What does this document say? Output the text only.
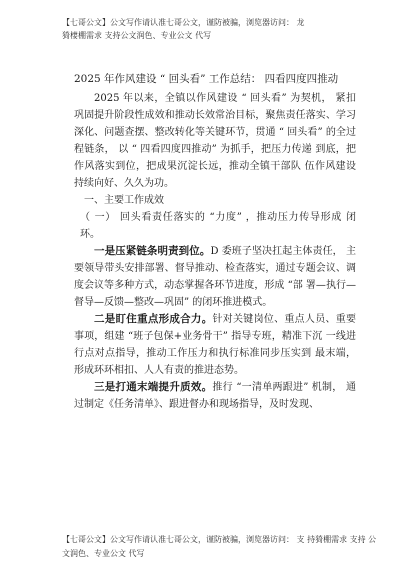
【七哥公文】公文写作请认准七哥公文，谨防被骗，浏览器访问： 龙
猗棲棚需求 支持公文润色、专业公文 代写
2025 年作风建设 “ 回头看” 工作总结： 四看四度四推动

2025 年以来，全镇以作风建设 “ 回头看” 为契机， 紧扣 巩固提升阶段性成效和推动长效常治目标，聚焦责任落实、学习深化、问题查摆、整改转化等关键环节，贯通 “ 回头看” 的全过程链条， 以 “ 四看四度四推动” 为抓手，把压力传递 到底，把作风落实到位，把成果沉淀长远，推动全镇干部队 伍作风建设持续向好、久久为功。

一、主要工作成效

（ 一） 回头看责任落实的 “力度” ，推动压力传导形成 闭环。

一是压紧链条明责到位。D 委班子坚决扛起主体责任， 主要领导带头安排部署、督导推动、检查落实，通过专题会议、调度会议等多种方式，动态掌握各环节进度，形成 “部 署—执行—督导—反馈—整改—巩固” 的闭环推进模式。

二是盯住重点形成合力。针对关键岗位、重点人员、重要事项，组建 “班子包保+业务骨干” 指导专班，精准下沉 一线进行点对点指导，推动工作压力和执行标准同步压实到 最末端，形成环环相扣、人人有责的推进态势。

三是打通末端提升质效。推行 “一清单两跟进” 机制， 通过制定《任务清单》、跟进督办和现场指导，及时发现、

【七哥公文】公文写作请认准七哥公文，谨防被骗，浏览器访问： 支 持猗棚需求 支持 公文润色、专业公文 代写
